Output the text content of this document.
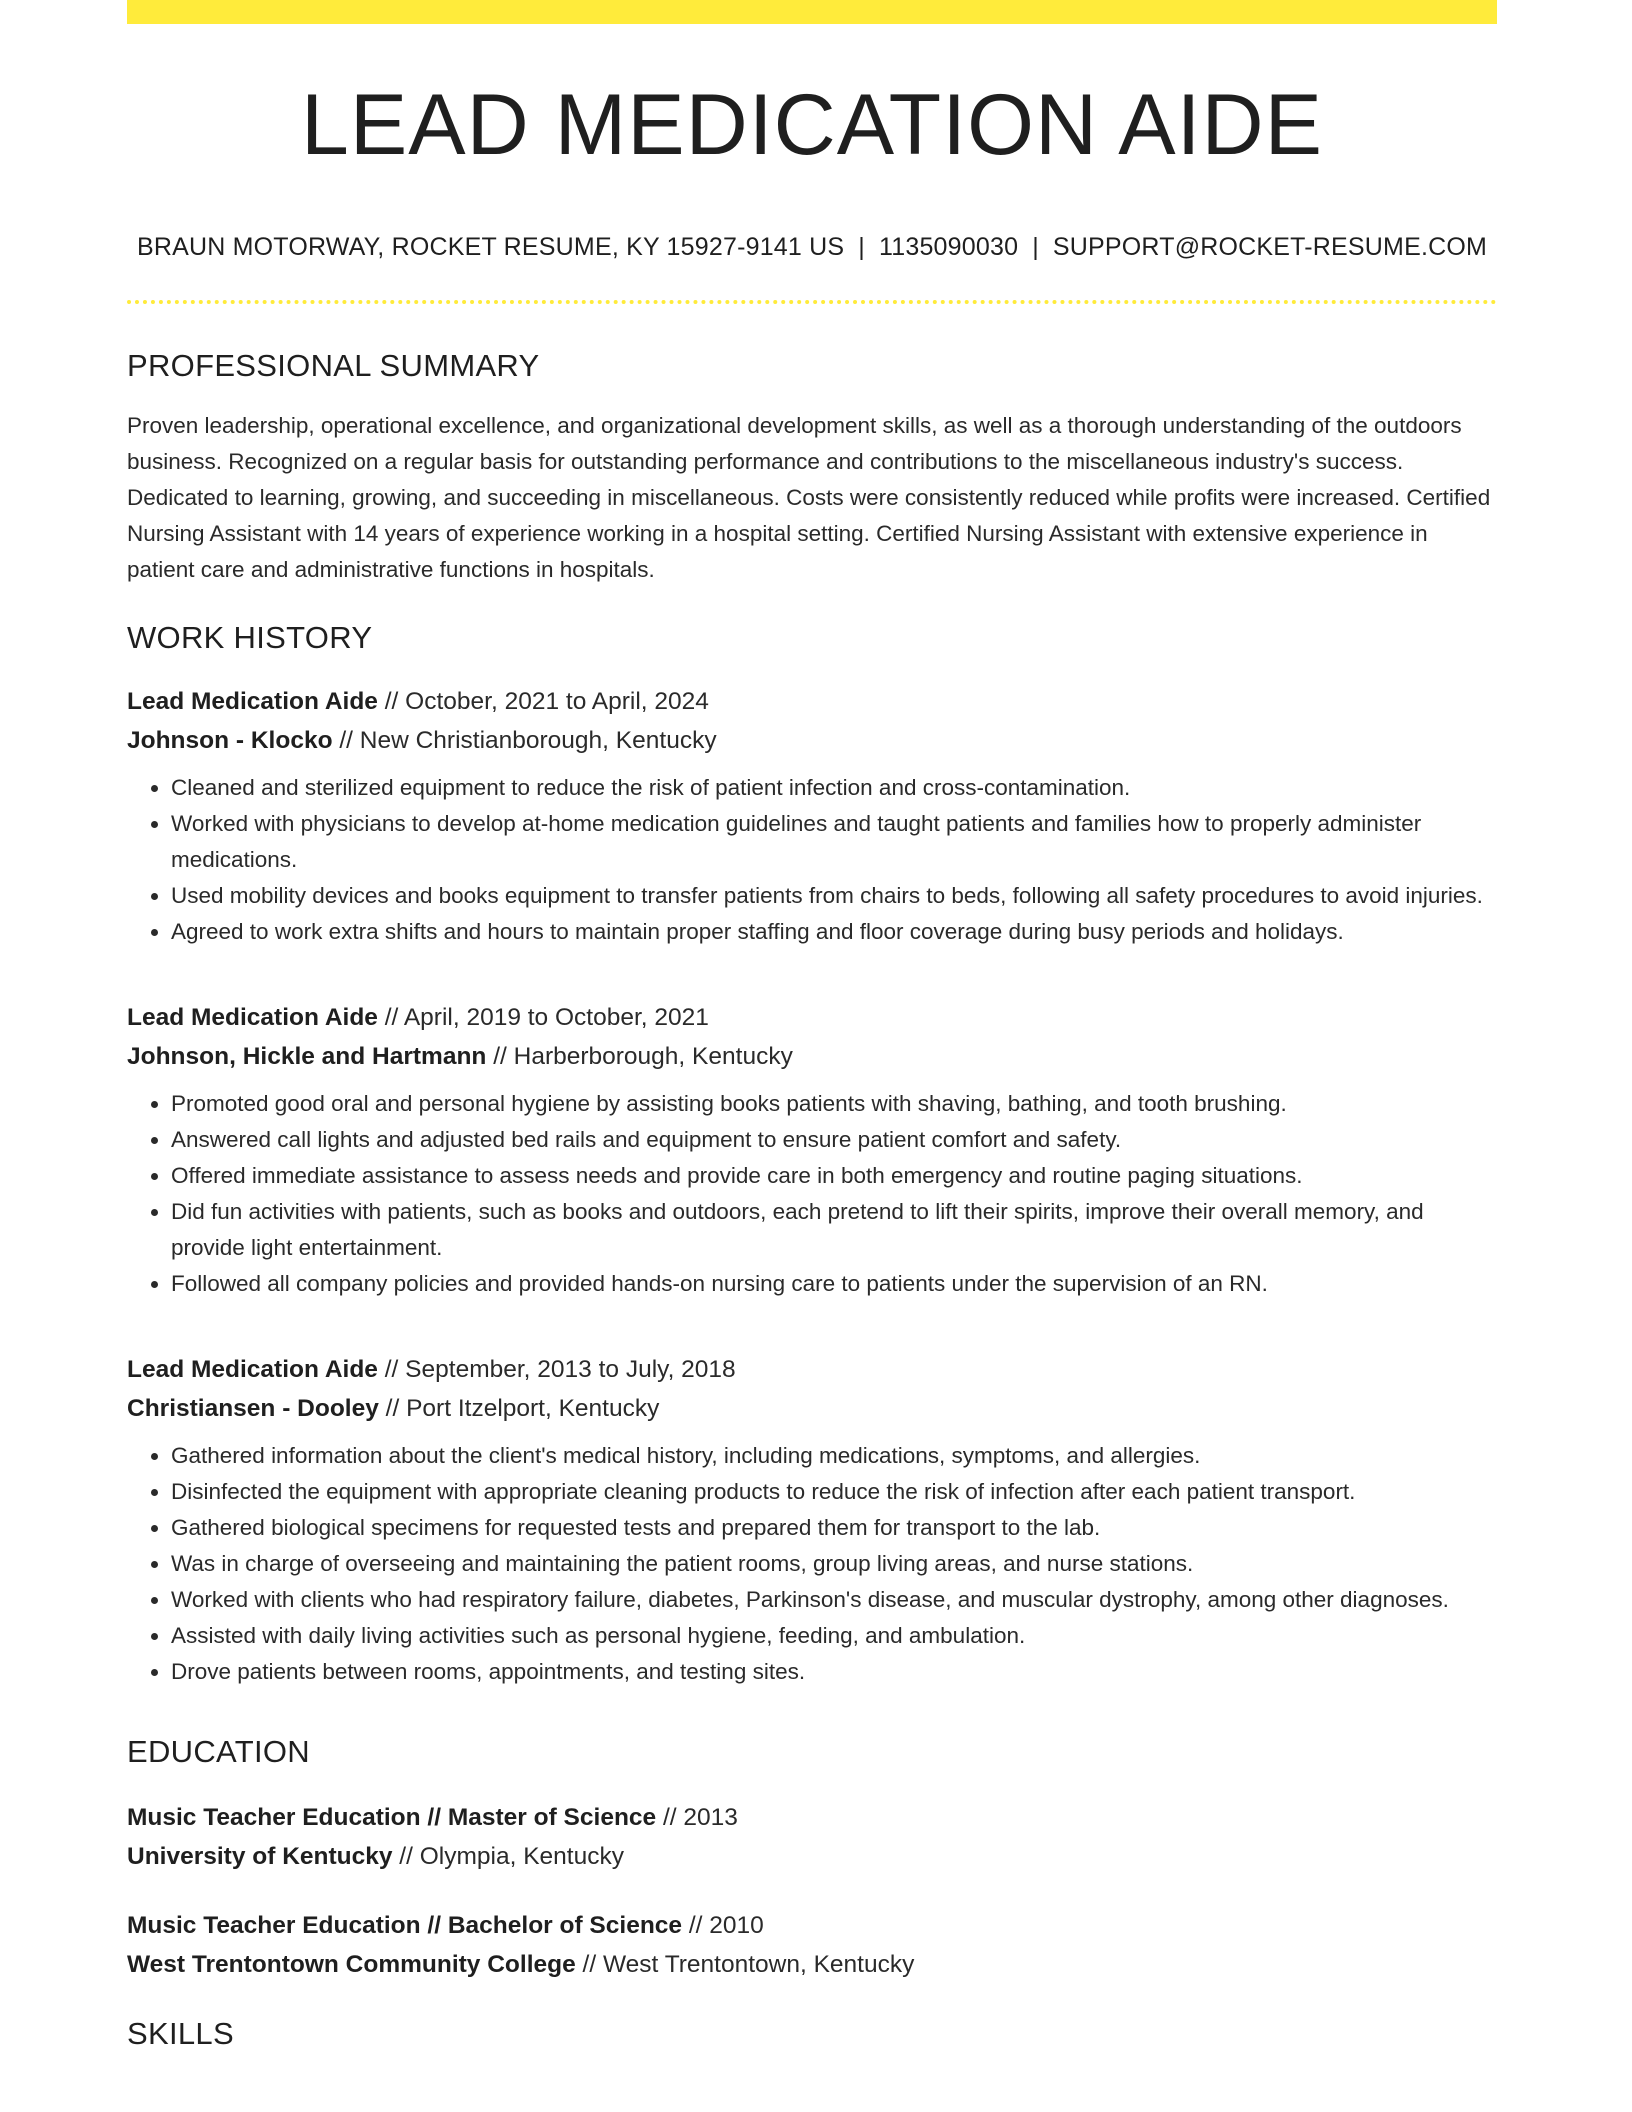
LEAD MEDICATION AIDE
BRAUN MOTORWAY, ROCKET RESUME, KY 15927-9141 US | 1135090030 | SUPPORT@ROCKET-RESUME.COM
PROFESSIONAL SUMMARY

Proven leadership, operational excellence, and organizational development skills, as well as a thorough understanding of the outdoors business. Recognized on a regular basis for outstanding performance and contributions to the miscellaneous industry's success. Dedicated to learning, growing, and succeeding in miscellaneous. Costs were consistently reduced while profits were increased. Certified Nursing Assistant with 14 years of experience working in a hospital setting. Certified Nursing Assistant with extensive experience in patient care and administrative functions in hospitals.

WORK HISTORY
Lead Medication Aide // October, 2021 to April, 2024
Johnson - Klocko // New Christianborough, Kentucky
• Cleaned and sterilized equipment to reduce the risk of patient infection and cross-contamination.
• Worked with physicians to develop at-home medication guidelines and taught patients and families how to properly administer medications.
• Used mobility devices and books equipment to transfer patients from chairs to beds, following all safety procedures to avoid injuries.
• Agreed to work extra shifts and hours to maintain proper staffing and floor coverage during busy periods and holidays.
Lead Medication Aide // April, 2019 to October, 2021
Johnson, Hickle and Hartmann // Harberborough, Kentucky
• Promoted good oral and personal hygiene by assisting books patients with shaving, bathing, and tooth brushing.
• Answered call lights and adjusted bed rails and equipment to ensure patient comfort and safety.
• Offered immediate assistance to assess needs and provide care in both emergency and routine paging situations.
• Did fun activities with patients, such as books and outdoors, each pretend to lift their spirits, improve their overall memory, and provide light entertainment.
• Followed all company policies and provided hands-on nursing care to patients under the supervision of an RN.
Lead Medication Aide // September, 2013 to July, 2018
Christiansen - Dooley // Port Itzelport, Kentucky
• Gathered information about the client's medical history, including medications, symptoms, and allergies.
• Disinfected the equipment with appropriate cleaning products to reduce the risk of infection after each patient transport.
• Gathered biological specimens for requested tests and prepared them for transport to the lab.
• Was in charge of overseeing and maintaining the patient rooms, group living areas, and nurse stations.
• Worked with clients who had respiratory failure, diabetes, Parkinson's disease, and muscular dystrophy, among other diagnoses.
• Assisted with daily living activities such as personal hygiene, feeding, and ambulation.
• Drove patients between rooms, appointments, and testing sites.
EDUCATION
Music Teacher Education // Master of Science // 2013
University of Kentucky // Olympia, Kentucky
Music Teacher Education // Bachelor of Science // 2010
West Trentontown Community College // West Trentontown, Kentucky
SKILLS
